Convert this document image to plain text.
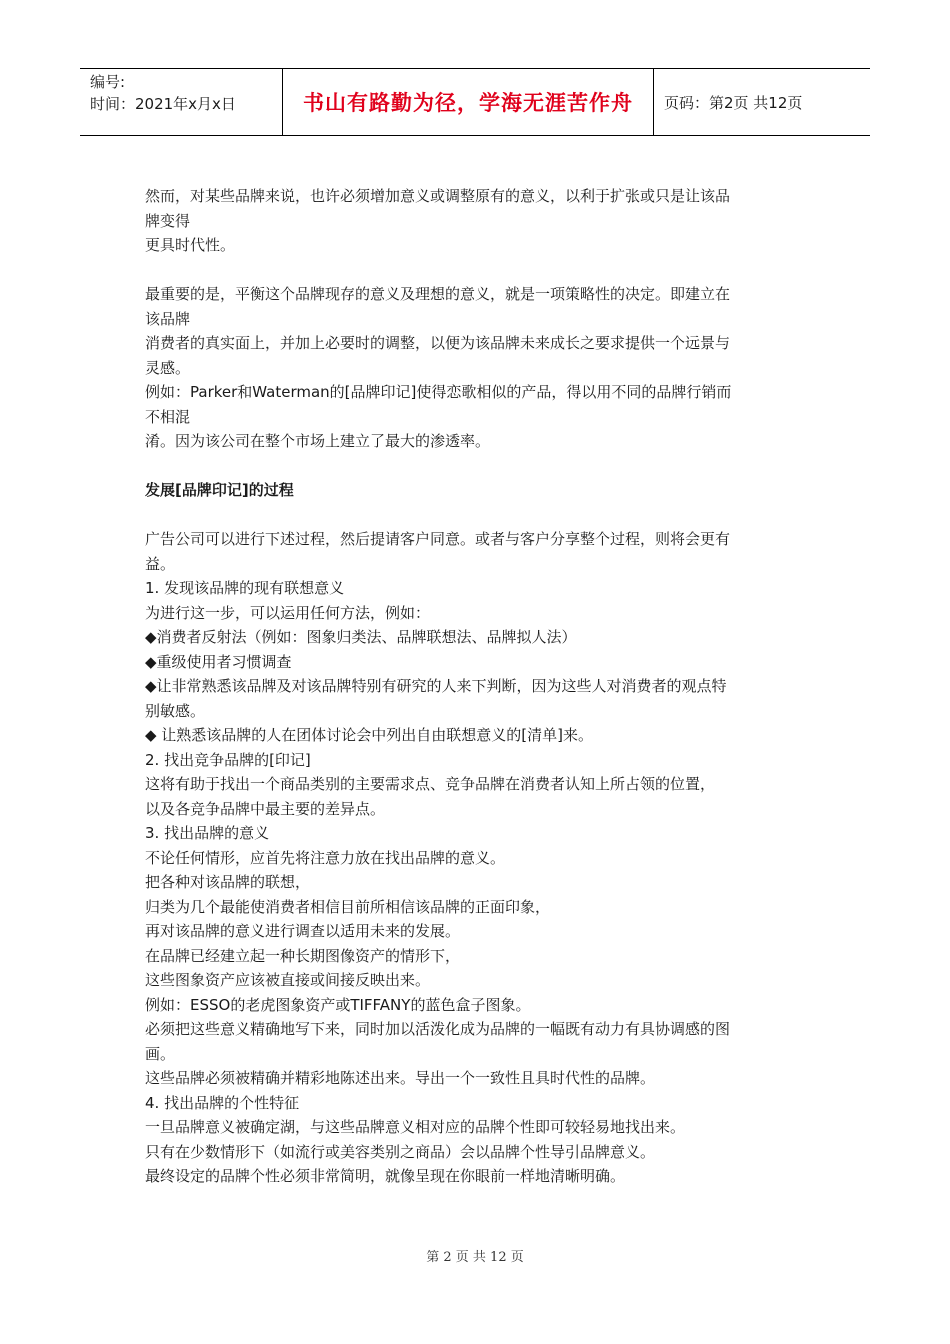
编号:
时间：2021年x月x日	书山有路勤为径，学海无涯苦作舟	页码：第2页 共12页

然而，对某些品牌来说，也许必须增加意义或调整原有的意义，以利于扩张或只是让该品

牌变得

更具时代性。

最重要的是，平衡这个品牌现存的意义及理想的意义，就是一项策略性的决定。即建立在

该品牌

消费者的真实面上，并加上必要时的调整，以便为该品牌未来成长之要求提供一个远景与

灵感。

例如：Parker和Waterman的[品牌印记]使得恋歌相似的产品，得以用不同的品牌行销而

不相混

淆。因为该公司在整个市场上建立了最大的渗透率。

发展[品牌印记]的过程

广告公司可以进行下述过程，然后提请客户同意。或者与客户分享整个过程，则将会更有

益。

1. 发现该品牌的现有联想意义

为进行这一步，可以运用任何方法，例如：

◆消费者反射法（例如：图象归类法、品牌联想法、品牌拟人法）

◆重级使用者习惯调查

◆让非常熟悉该品牌及对该品牌特别有研究的人来下判断，因为这些人对消费者的观点特

别敏感。

◆ 让熟悉该品牌的人在团体讨论会中列出自由联想意义的[清单]来。

2. 找出竞争品牌的[印记]

这将有助于找出一个商品类别的主要需求点、竞争品牌在消费者认知上所占领的位置，

以及各竞争品牌中最主要的差异点。

3. 找出品牌的意义

不论任何情形，应首先将注意力放在找出品牌的意义。

把各种对该品牌的联想，

归类为几个最能使消费者相信目前所相信该品牌的正面印象，

再对该品牌的意义进行调查以适用未来的发展。

在品牌已经建立起一种长期图像资产的情形下，

这些图象资产应该被直接或间接反映出来。

例如：ESSO的老虎图象资产或TIFFANY的蓝色盒子图象。

必须把这些意义精确地写下来，同时加以活泼化成为品牌的一幅既有动力有具协调感的图

画。

这些品牌必须被精确并精彩地陈述出来。导出一个一致性且具时代性的品牌。

4. 找出品牌的个性特征

一旦品牌意义被确定湖，与这些品牌意义相对应的品牌个性即可较轻易地找出来。

只有在少数情形下（如流行或美容类别之商品）会以品牌个性导引品牌意义。

最终设定的品牌个性必须非常简明，就像呈现在你眼前一样地清晰明确。

第 2 页 共 12 页
